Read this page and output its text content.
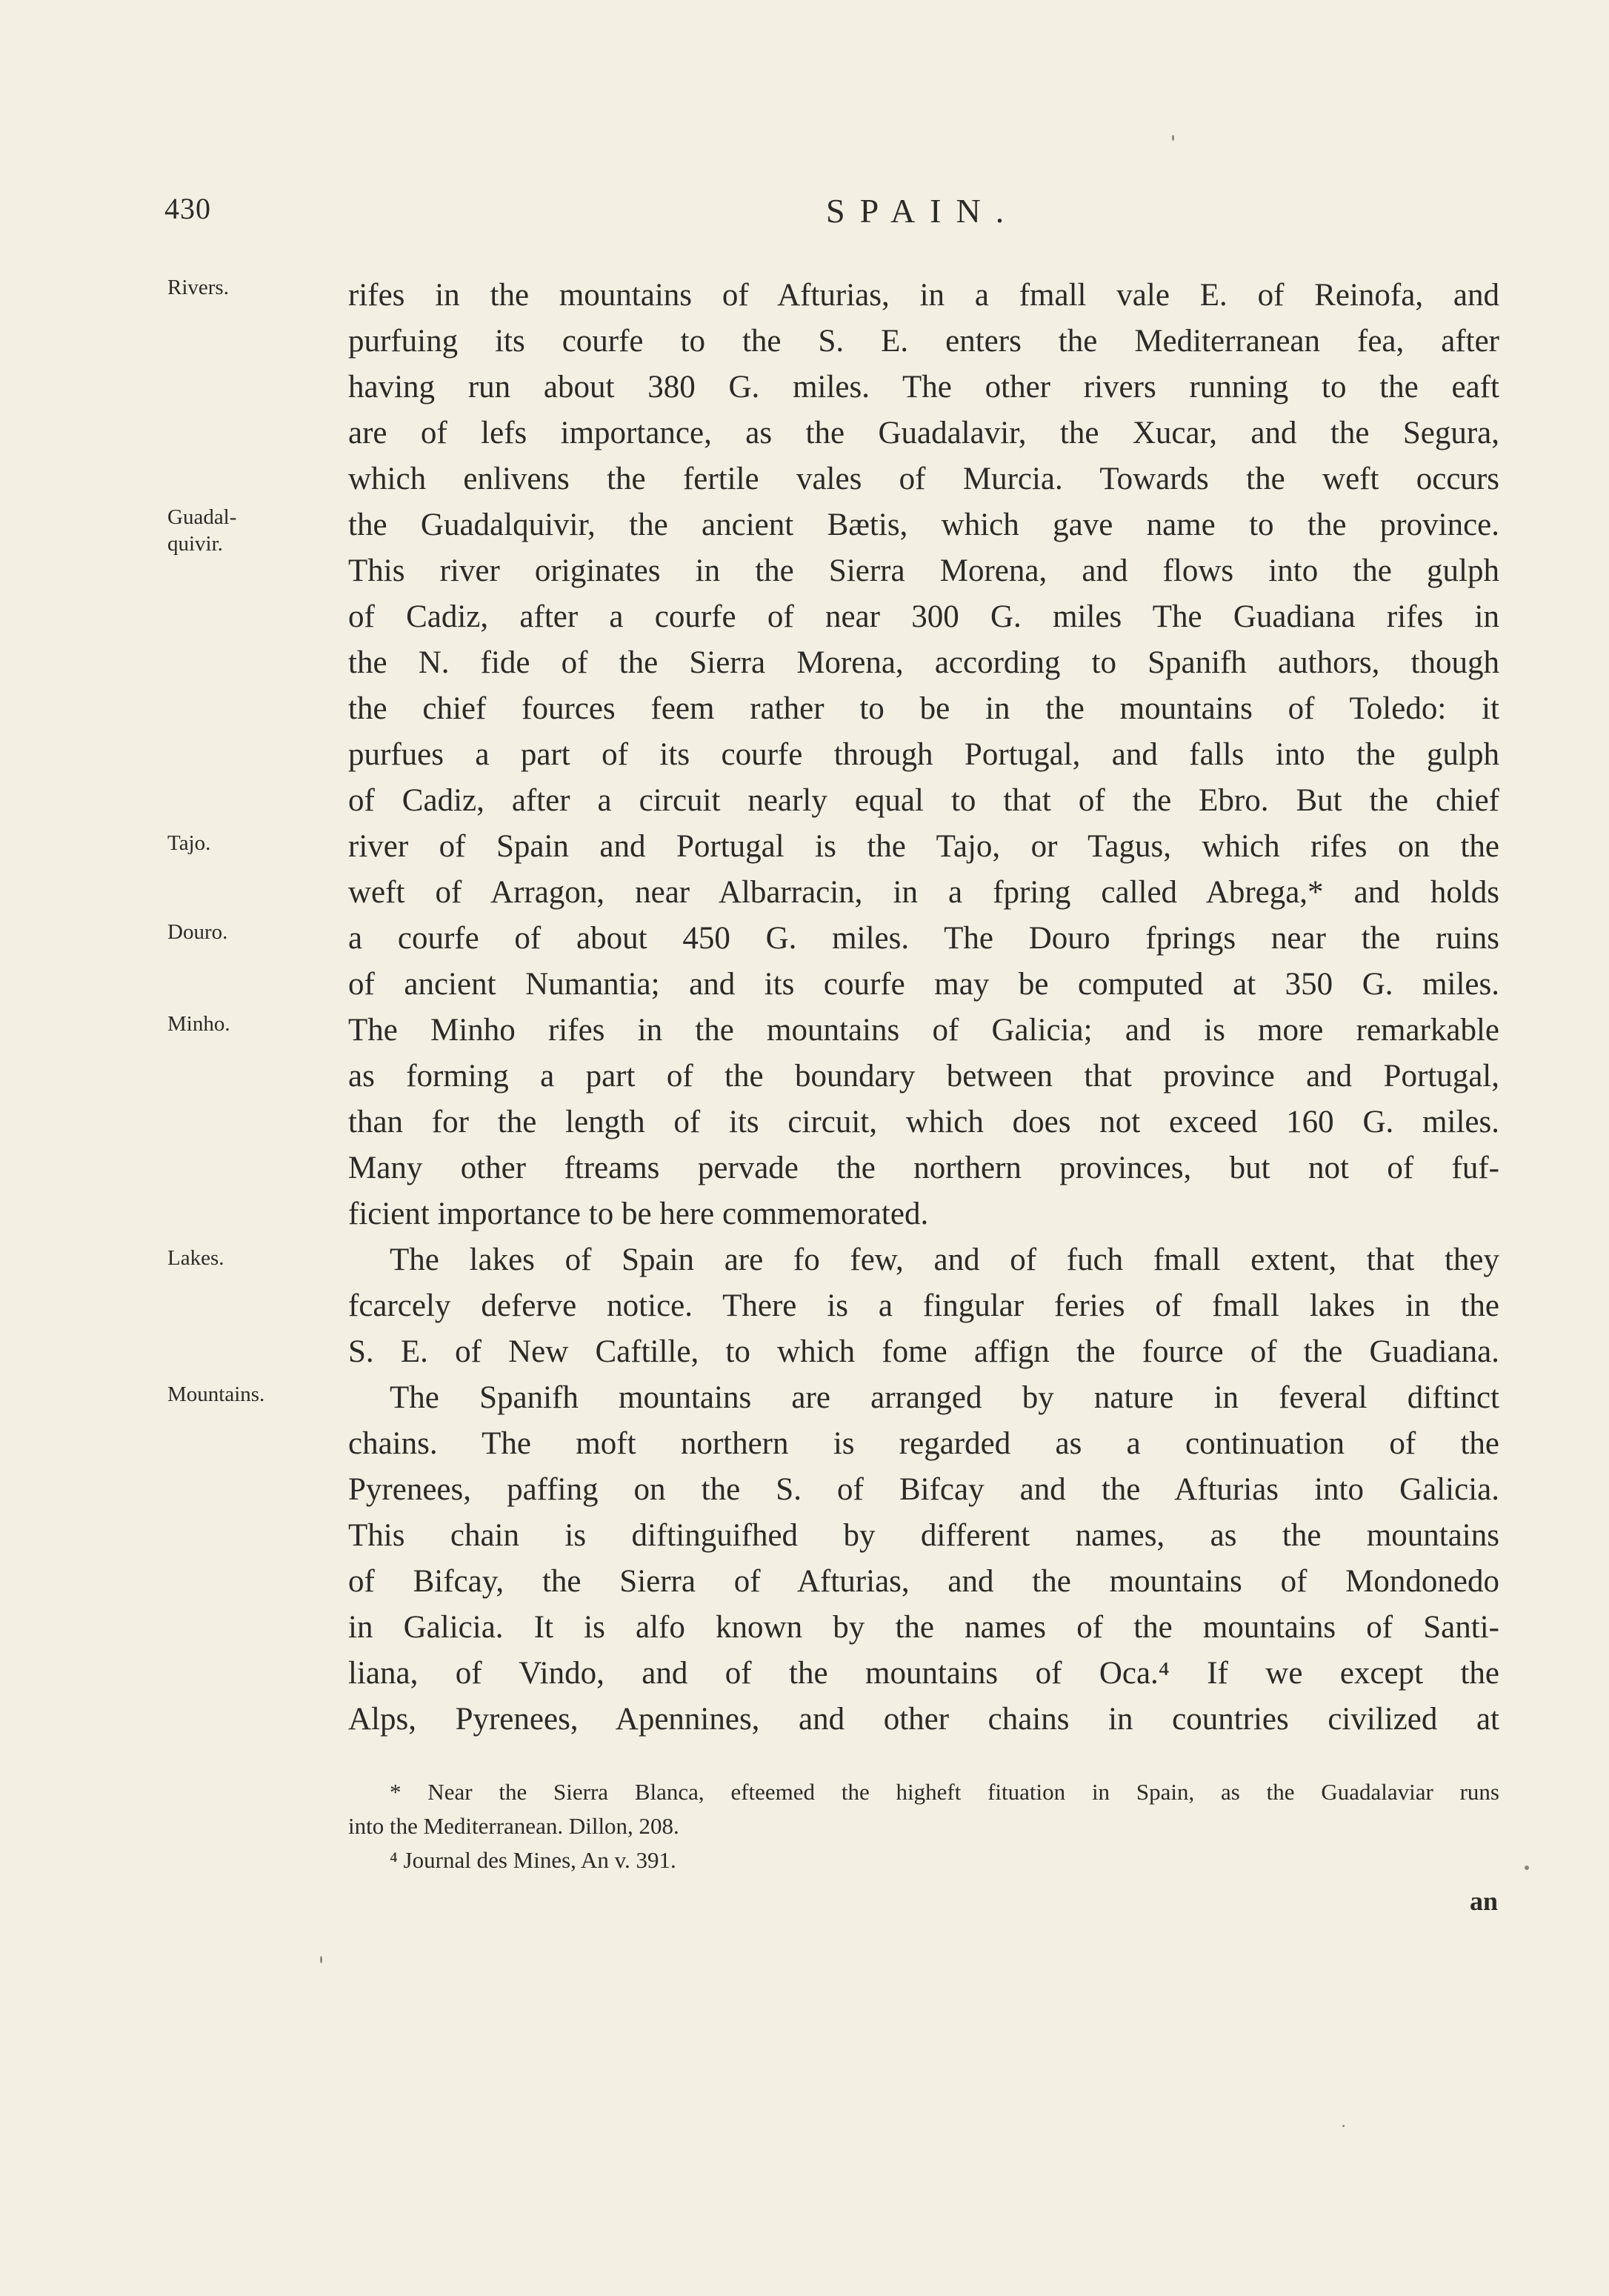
430	SPAIN.
Rivers.
Guadal-
quivir.
Tajo.
Douro.
Minho.
Lakes.
Mountains.
rifes in the mountains of Afturias, in a fmall vale E. of Reinofa, and
purfuing its courfe to the S. E. enters the Mediterranean fea, after
having run about 380 G. miles. The other rivers running to the eaft
are of lefs importance, as the Guadalavir, the Xucar, and the Segura,
which enlivens the fertile vales of Murcia. Towards the weft occurs
the Guadalquivir, the ancient Bætis, which gave name to the province.
This river originates in the Sierra Morena, and flows into the gulph
of Cadiz, after a courfe of near 300 G. miles The Guadiana rifes in
the N. fide of the Sierra Morena, according to Spanifh authors, though
the chief fources feem rather to be in the mountains of Toledo: it
purfues a part of its courfe through Portugal, and falls into the gulph
of Cadiz, after a circuit nearly equal to that of the Ebro. But the chief
river of Spain and Portugal is the Tajo, or Tagus, which rifes on the
weft of Arragon, near Albarracin, in a fpring called Abrega,* and holds
a courfe of about 450 G. miles. The Douro fprings near the ruins
of ancient Numantia; and its courfe may be computed at 350 G. miles.
The Minho rifes in the mountains of Galicia; and is more remarkable
as forming a part of the boundary between that province and Portugal,
than for the length of its circuit, which does not exceed 160 G. miles.
Many other ftreams pervade the northern provinces, but not of fuf-
ficient importance to be here commemorated.
The lakes of Spain are fo few, and of fuch fmall extent, that they
fcarcely deferve notice. There is a fingular feries of fmall lakes in the
S. E. of New Caftille, to which fome affign the fource of the Guadiana.
The Spanifh mountains are arranged by nature in feveral diftinct
chains. The moft northern is regarded as a continuation of the
Pyrenees, paffing on the S. of Bifcay and the Afturias into Galicia.
This chain is diftinguifhed by different names, as the mountains
of Bifcay, the Sierra of Afturias, and the mountains of Mondonedo
in Galicia. It is alfo known by the names of the mountains of Santi-
liana, of Vindo, and of the mountains of Oca.⁴ If we except the
Alps, Pyrenees, Apennines, and other chains in countries civilized at
* Near the Sierra Blanca, efteemed the higheft fituation in Spain, as the Guadalaviar runs
into the Mediterranean. Dillon, 208.
⁴ Journal des Mines, An v. 391.
an
